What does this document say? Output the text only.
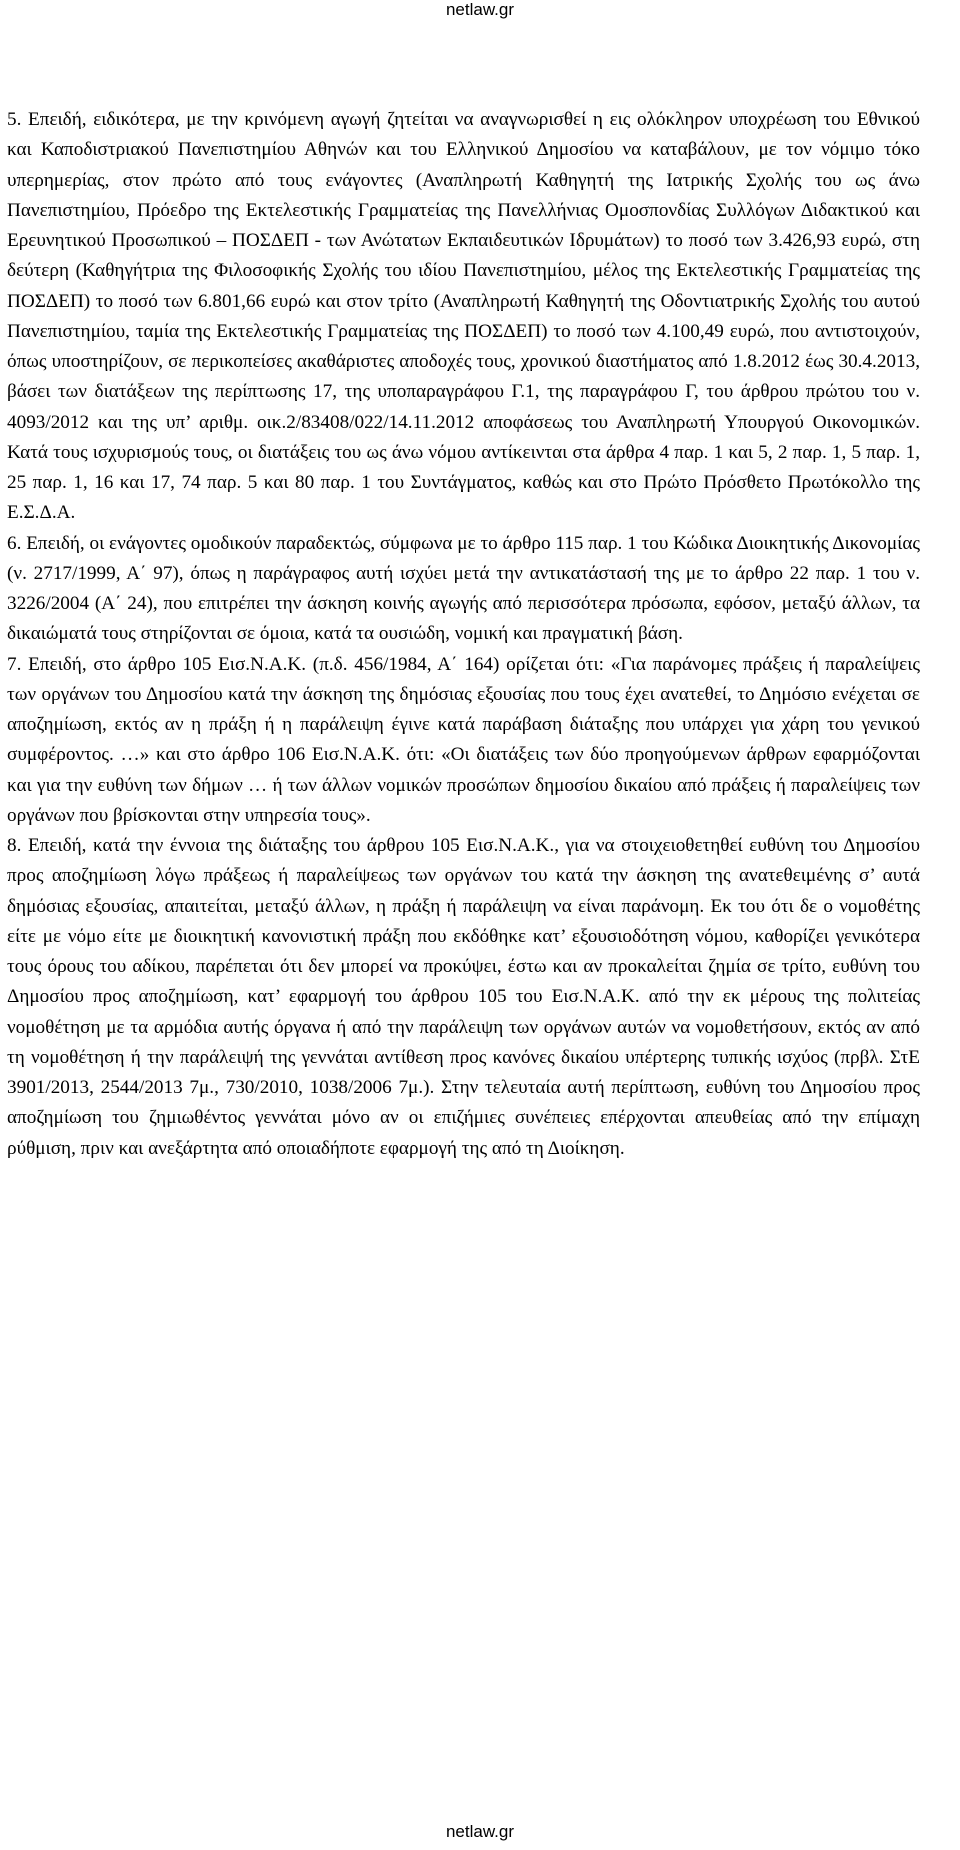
netlaw.gr

5. Επειδή, ειδικότερα, με την κρινόμενη αγωγή ζητείται να αναγνωρισθεί η εις ολόκληρον υποχρέωση του Εθνικού και Καποδιστριακού Πανεπιστημίου Αθηνών και του Ελληνικού Δημοσίου να καταβάλουν, με τον νόμιμο τόκο υπερημερίας, στον πρώτο από τους ενάγοντες (Αναπληρωτή Καθηγητή της Ιατρικής Σχολής του ως άνω Πανεπιστημίου, Πρόεδρο της Εκτελεστικής Γραμματείας της Πανελλήνιας Ομοσπονδίας Συλλόγων Διδακτικού και Ερευνητικού Προσωπικού – ΠΟΣΔΕΠ - των Ανώτατων Εκπαιδευτικών Ιδρυμάτων) το ποσό των 3.426,93 ευρώ, στη δεύτερη (Καθηγήτρια της Φιλοσοφικής Σχολής του ιδίου Πανεπιστημίου, μέλος της Εκτελεστικής Γραμματείας της ΠΟΣΔΕΠ) το ποσό των 6.801,66 ευρώ και στον τρίτο (Αναπληρωτή Καθηγητή της Οδοντιατρικής Σχολής του αυτού Πανεπιστημίου, ταμία της Εκτελεστικής Γραμματείας της ΠΟΣΔΕΠ) το ποσό των 4.100,49 ευρώ, που αντιστοιχούν, όπως υποστηρίζουν, σε περικοπείσες ακαθάριστες αποδοχές τους, χρονικού διαστήματος από 1.8.2012 έως 30.4.2013, βάσει των διατάξεων της περίπτωσης 17, της υποπαραγράφου Γ.1, της παραγράφου Γ, του άρθρου πρώτου του ν. 4093/2012 και της υπ’ αριθμ. οικ.2/83408/022/14.11.2012 αποφάσεως του Αναπληρωτή Υπουργού Οικονομικών. Κατά τους ισχυρισμούς τους, οι διατάξεις του ως άνω νόμου αντίκεινται στα άρθρα 4 παρ. 1 και 5, 2 παρ. 1, 5 παρ. 1, 25 παρ. 1, 16 και 17, 74 παρ. 5 και 80 παρ. 1 του Συντάγματος, καθώς και στο Πρώτο Πρόσθετο Πρωτόκολλο της Ε.Σ.Δ.Α.

6. Επειδή, οι ενάγοντες ομοδικούν παραδεκτώς, σύμφωνα με το άρθρο 115 παρ. 1 του Κώδικα Διοικητικής Δικονομίας (ν. 2717/1999, Α΄ 97), όπως η παράγραφος αυτή ισχύει μετά την αντικατάστασή της με το άρθρο 22 παρ. 1 του ν. 3226/2004 (Α΄ 24), που επιτρέπει την άσκηση κοινής αγωγής από περισσότερα πρόσωπα, εφόσον, μεταξύ άλλων, τα δικαιώματά τους στηρίζονται σε όμοια, κατά τα ουσιώδη, νομική και πραγματική βάση.

7. Επειδή, στο άρθρο 105 Εισ.Ν.Α.Κ. (π.δ. 456/1984, Α΄ 164) ορίζεται ότι: «Για παράνομες πράξεις ή παραλείψεις των οργάνων του Δημοσίου κατά την άσκηση της δημόσιας εξουσίας που τους έχει ανατεθεί, το Δημόσιο ενέχεται σε αποζημίωση, εκτός αν η πράξη ή η παράλειψη έγινε κατά παράβαση διάταξης που υπάρχει για χάρη του γενικού συμφέροντος. …» και στο άρθρο 106 Εισ.Ν.Α.Κ. ότι: «Οι διατάξεις των δύο προηγούμενων άρθρων εφαρμόζονται και για την ευθύνη των δήμων … ή των άλλων νομικών προσώπων δημοσίου δικαίου από πράξεις ή παραλείψεις των οργάνων που βρίσκονται στην υπηρεσία τους».

8. Επειδή, κατά την έννοια της διάταξης του άρθρου 105 Εισ.Ν.Α.Κ., για να στοιχειοθετηθεί ευθύνη του Δημοσίου προς αποζημίωση λόγω πράξεως ή παραλείψεως των οργάνων του κατά την άσκηση της ανατεθειμένης σ’ αυτά δημόσιας εξουσίας, απαιτείται, μεταξύ άλλων, η πράξη ή παράλειψη να είναι παράνομη. Εκ του ότι δε ο νομοθέτης είτε με νόμο είτε με διοικητική κανονιστική πράξη που εκδόθηκε κατ’ εξουσιοδότηση νόμου, καθορίζει γενικότερα τους όρους του αδίκου, παρέπεται ότι δεν μπορεί να προκύψει, έστω και αν προκαλείται ζημία σε τρίτο, ευθύνη του Δημοσίου προς αποζημίωση, κατ’ εφαρμογή του άρθρου 105 του Εισ.Ν.Α.Κ. από την εκ μέρους της πολιτείας νομοθέτηση με τα αρμόδια αυτής όργανα ή από την παράλειψη των οργάνων αυτών να νομοθετήσουν, εκτός αν από τη νομοθέτηση ή την παράλειψή της γεννάται αντίθεση προς κανόνες δικαίου υπέρτερης τυπικής ισχύος (πρβλ. ΣτΕ 3901/2013, 2544/2013 7μ., 730/2010, 1038/2006 7μ.). Στην τελευταία αυτή περίπτωση, ευθύνη του Δημοσίου προς αποζημίωση του ζημιωθέντος γεννάται μόνο αν οι επιζήμιες συνέπειες επέρχονται απευθείας από την επίμαχη ρύθμιση, πριν και ανεξάρτητα από οποιαδήποτε εφαρμογή της από τη Διοίκηση.

netlaw.gr
